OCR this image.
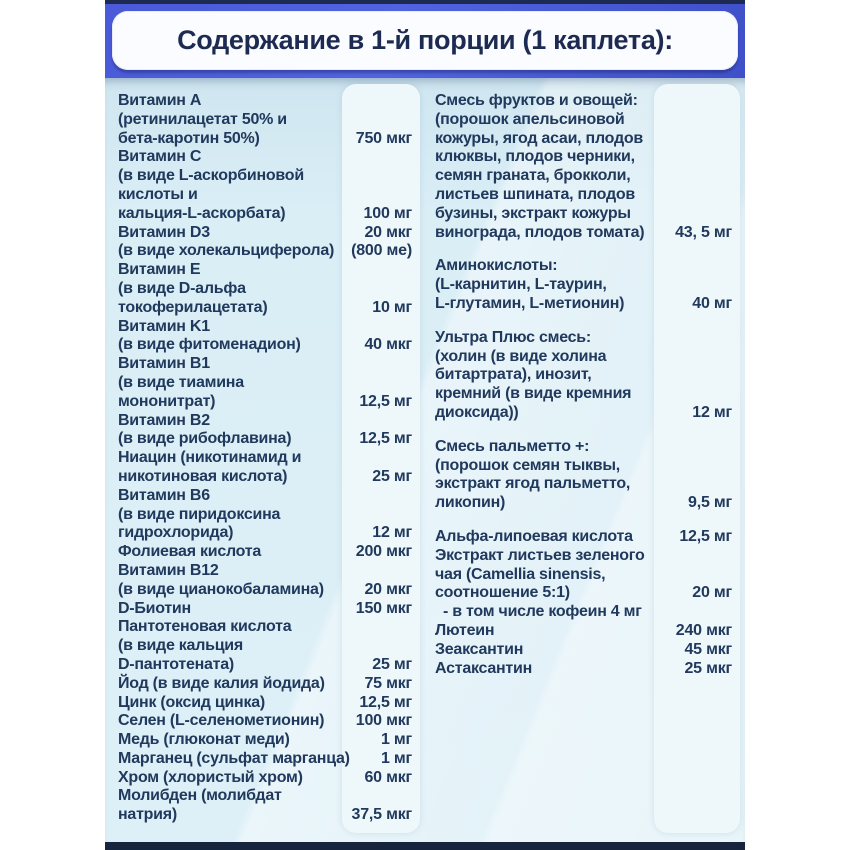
Содержание в 1-й порции (1 каплета):
Витамин A
(ретинилацетат 50% и
бета-каротин 50%)	750 мкг
Витамин C
(в виде L-аскорбиновой
кислоты и
кальция-L-аскорбата)	100 мг
Витамин D3	20 мкг
(в виде холекальциферола)	(800 ме)
Витамин E
(в виде D-альфа
токоферилацетата)	10 мг
Витамин K1
(в виде фитоменадион)	40 мкг
Витамин B1
(в виде тиамина
мононитрат)	12,5 мг
Витамин B2
(в виде рибофлавина)	12,5 мг
Ниацин (никотинамид и
никотиновая кислота)	25 мг
Витамин B6
(в виде пиридоксина
гидрохлорида)	12 мг
Фолиевая кислота	200 мкг
Витамин B12
(в виде цианокобаламина)	20 мкг
D-Биотин	150 мкг
Пантотеновая кислота
(в виде кальция
D-пантотената)	25 мг
Йод (в виде калия йодида)	75 мкг
Цинк (оксид цинка)	12,5 мг
Селен (L-селенометионин)	100 мкг
Медь (глюконат меди)	1 мг
Марганец (сульфат марганца)	1 мг
Хром (хлористый хром)	60 мкг
Молибден (молибдат
натрия)	37,5 мкг
Смесь фруктов и овощей:
(порошок апельсиновой
кожуры, ягод асаи, плодов
клюквы, плодов черники,
семян граната, брокколи,
листьев шпината, плодов
бузины, экстракт кожуры
винограда, плодов томата)	43, 5 мг
Аминокислоты:
(L-карнитин, L-таурин,
L-глутамин, L-метионин)	40 мг
Ультра Плюс смесь:
(холин (в виде холина
битартрата), инозит,
кремний (в виде кремния
диоксида))	12 мг
Смесь пальметто +:
(порошок семян тыквы,
экстракт ягод пальметто,
ликопин)	9,5 мг
Альфа-липоевая кислота	12,5 мг
Экстракт листьев зеленого
чая (Camellia sinensis,
соотношение 5:1)	20 мг
- в том числе кофеин 4 мг
Лютеин	240 мкг
Зеаксантин	45 мкг
Астаксантин	25 мкг
